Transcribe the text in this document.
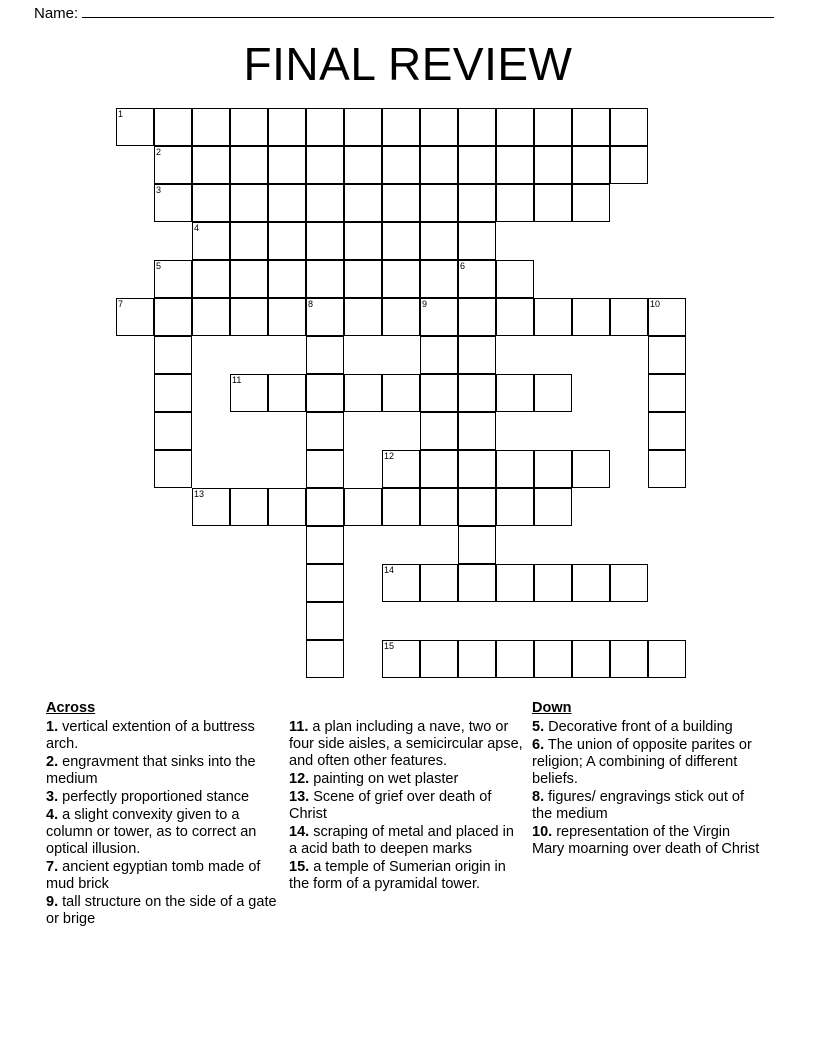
Name:
FINAL REVIEW
1
2
3
4
5	6
7	8	9	10
11
12
13
14
15
Across
1. vertical extention of a buttress arch.
2. engravment that sinks into the medium
3. perfectly proportioned stance
4. a slight convexity given to a column or tower, as to correct an optical illusion.
7. ancient egyptian tomb made of mud brick
9. tall structure on the side of a gate or brige
11. a plan including a nave, two or four side aisles, a semicircular apse, and often other features.
12. painting on wet plaster
13. Scene of grief over death of Christ
14. scraping of metal and placed in a acid bath to deepen marks
15. a temple of Sumerian origin in the form of a pyramidal tower.
Down
5. Decorative front of a building
6. The union of opposite parites or religion; A combining of different beliefs.
8. figures/ engravings stick out of the medium
10. representation of the Virgin Mary moarning over death of Christ
